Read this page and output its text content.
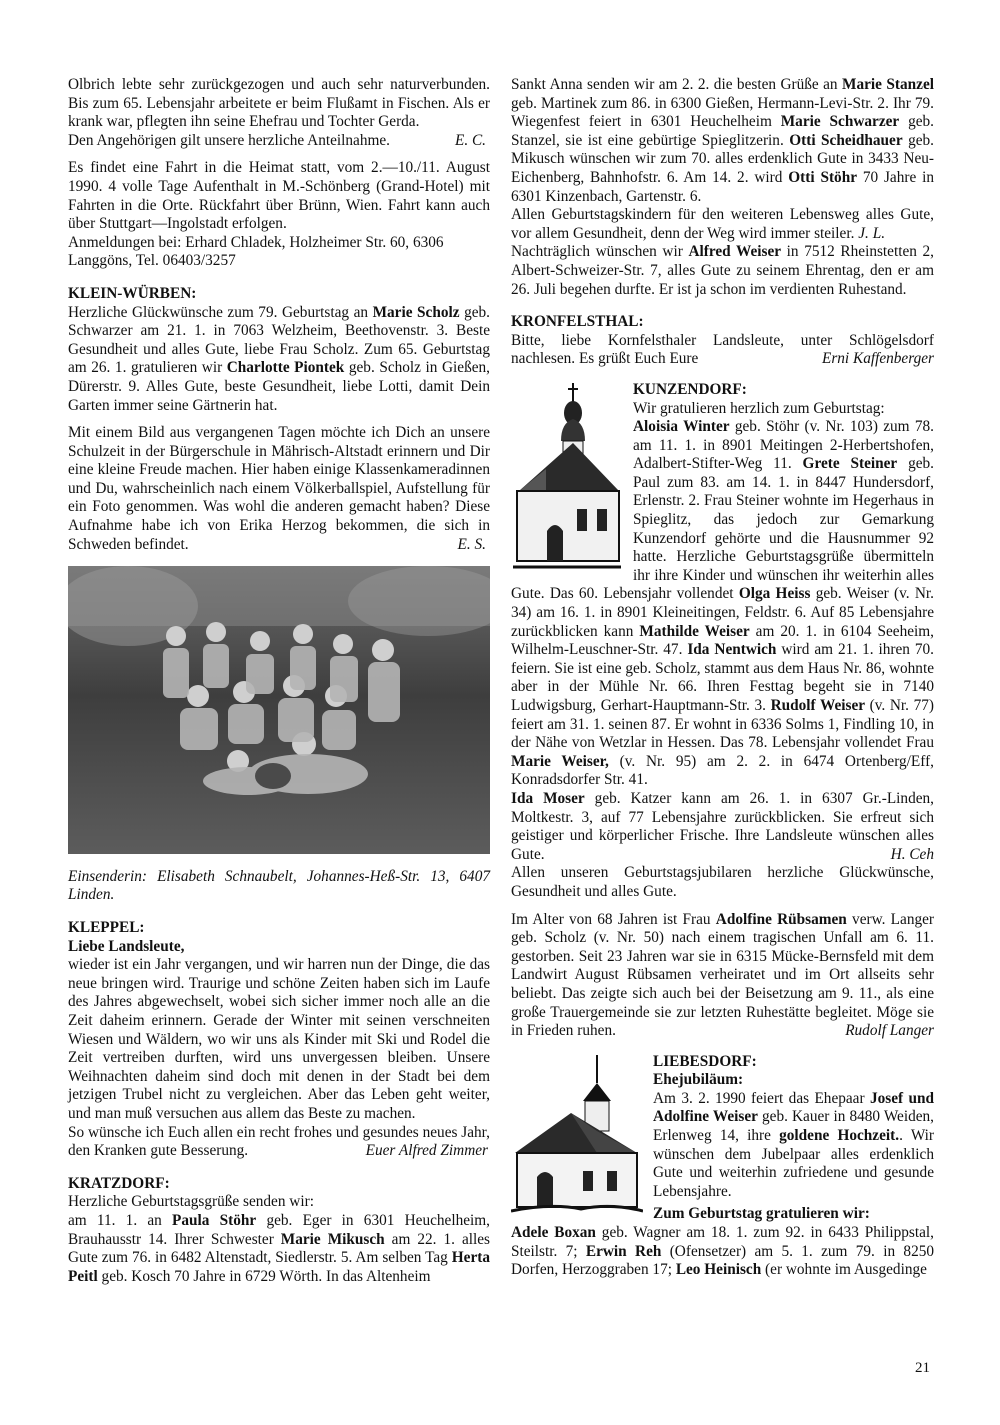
Olbrich lebte sehr zurückgezogen und auch sehr naturverbunden. Bis zum 65. Lebensjahr arbeitete er beim Flußamt in Fischen. Als er krank war, pflegten ihn seine Ehefrau und Tochter Gerda.

Den Angehörigen gilt unsere herzliche Anteilnahme.	E. C.

Es findet eine Fahrt in die Heimat statt, vom 2.—10./11. August 1990. 4 volle Tage Aufenthalt in M.-Schönberg (Grand-Hotel) mit Fahrten in die Orte. Rückfahrt über Brünn, Wien. Fahrt kann auch über Stuttgart—Ingolstadt erfolgen.

Anmeldungen bei: Erhard Chladek, Holzheimer Str. 60, 6306 Langgöns, Tel. 06403/3257

KLEIN-WÜRBEN:

Herzliche Glückwünsche zum 79. Geburtstag an Marie Scholz geb. Schwarzer am 21. 1. in 7063 Welzheim, Beethovenstr. 3. Beste Gesundheit und alles Gute, liebe Frau Scholz. Zum 65. Geburtstag am 26. 1. gratulieren wir Charlotte Piontek geb. Scholz in Gießen, Dürerstr. 9. Alles Gute, beste Gesundheit, liebe Lotti, damit Dein Garten immer seine Gärtnerin hat.

Mit einem Bild aus vergangenen Tagen möchte ich Dich an unsere Schulzeit in der Bürgerschule in Mährisch-Altstadt erinnern und Dir eine kleine Freude machen. Hier haben einige Klassenkameradinnen und Du, wahrscheinlich nach einem Völkerballspiel, Aufstellung für ein Foto genommen. Was wohl die anderen gemacht haben? Diese Aufnahme habe ich von Erika Herzog bekommen, die sich in Schweden befindet.	E. S.

Einsenderin: Elisabeth Schnaubelt, Johannes-Heß-Str. 13, 6407 Linden.

KLEPPEL:

Liebe Landsleute,

wieder ist ein Jahr vergangen, und wir harren nun der Dinge, die das neue bringen wird. Traurige und schöne Zeiten haben sich im Laufe des Jahres abgewechselt, wobei sich sicher immer noch alle an die Zeit daheim erinnern. Gerade der Winter mit seinen verschneiten Wiesen und Wäldern, wo wir uns als Kinder mit Ski und Rodel die Zeit vertreiben durften, wird uns unvergessen bleiben. Unsere Weihnachten daheim sind doch mit denen in der Stadt bei dem jetzigen Trubel nicht zu vergleichen. Aber das Leben geht weiter, und man muß versuchen aus allem das Beste zu machen.

So wünsche ich Euch allen ein recht frohes und gesundes neues Jahr, den Kranken gute Besserung.	Euer Alfred Zimmer

KRATZDORF:

Herzliche Geburtstagsgrüße senden wir:

am 11. 1. an Paula Stöhr geb. Eger in 6301 Heuchelheim, Brauhausstr 14. Ihrer Schwester Marie Mikusch am 22. 1. alles Gute zum 76. in 6482 Altenstadt, Siedlerstr. 5. Am selben Tag Herta Peitl geb. Kosch 70 Jahre in 6729 Wörth. In das Altenheim

Sankt Anna senden wir am 2. 2. die besten Grüße an Marie Stanzel geb. Martinek zum 86. in 6300 Gießen, Hermann-Levi-Str. 2. Ihr 79. Wiegenfest feiert in 6301 Heuchelheim Marie Schwarzer geb. Stanzel, sie ist eine gebürtige Spieglitzerin. Otti Scheidhauer geb. Mikusch wünschen wir zum 70. alles erdenklich Gute in 3433 Neu-Eichenberg, Bahnhofstr. 6. Am 14. 2. wird Otti Stöhr 70 Jahre in 6301 Kinzenbach, Gartenstr. 6.

Allen Geburtstagskindern für den weiteren Lebensweg alles Gute, vor allem Gesundheit, denn der Weg wird immer steiler. J. L.

Nachträglich wünschen wir Alfred Weiser in 7512 Rheinstetten 2, Albert-Schweizer-Str. 7, alles Gute zu seinem Ehrentag, den er am 26. Juli begehen durfte. Er ist ja schon im verdienten Ruhestand.

KRONFELSTHAL:

Bitte, liebe Kornfelsthaler Landsleute, unter Schlögelsdorf nachlesen. Es grüßt Euch Eure	Erni Kaffenberger

KUNZENDORF:

Wir gratulieren herzlich zum Geburtstag:

Aloisia Winter geb. Stöhr (v. Nr. 103) zum 78. am 11. 1. in 8901 Meitingen 2-Herbertshofen, Adalbert-Stifter-Weg 11. Grete Steiner geb. Paul zum 83. am 14. 1. in 8447 Hundersdorf, Erlenstr. 2. Frau Steiner wohnte im Hegerhaus in Spieglitz, das jedoch zur Gemarkung Kunzendorf gehörte und die Hausnummer 92 hatte. Herzliche Geburtstagsgrüße übermitteln ihr ihre Kinder und wünschen ihr weiterhin alles Gute. Das 60. Lebensjahr vollendet Olga Heiss geb. Weiser (v. Nr. 34) am 16. 1. in 8901 Kleineitingen, Feldstr. 6. Auf 85 Lebensjahre zurückblicken kann Mathilde Weiser am 20. 1. in 6104 Seeheim, Wilhelm-Leuschner-Str. 47. Ida Nentwich wird am 21. 1. ihren 70. feiern. Sie ist eine geb. Scholz, stammt aus dem Haus Nr. 86, wohnte aber in der Mühle Nr. 66. Ihren Festtag begeht sie in 7140 Ludwigsburg, Gerhart-Hauptmann-Str. 3. Rudolf Weiser (v. Nr. 77) feiert am 31. 1. seinen 87. Er wohnt in 6336 Solms 1, Findling 10, in der Nähe von Wetzlar in Hessen. Das 78. Lebensjahr vollendet Frau Marie Weiser, (v. Nr. 95) am 2. 2. in 6474 Ortenberg/Eff, Konradsdorfer Str. 41.

Ida Moser geb. Katzer kann am 26. 1. in 6307 Gr.-Linden, Moltkestr. 3, auf 77 Lebensjahre zurückblicken. Sie erfreut sich geistiger und körperlicher Frische. Ihre Landsleute wünschen alles Gute.	H. Ceh

Allen unseren Geburtstagsjubilaren herzliche Glückwünsche, Gesundheit und alles Gute.

Im Alter von 68 Jahren ist Frau Adolfine Rübsamen verw. Langer geb. Scholz (v. Nr. 50) nach einem tragischen Unfall am 6. 11. gestorben. Seit 23 Jahren war sie in 6315 Mücke-Bernsfeld mit dem Landwirt August Rübsamen verheiratet und im Ort allseits sehr beliebt. Das zeigte sich auch bei der Beisetzung am 9. 11., als eine große Trauergemeinde sie zur letzten Ruhestätte begleitet. Möge sie in Frieden ruhen.	Rudolf Langer

LIEBESDORF:

Ehejubiläum:

Am 3. 2. 1990 feiert das Ehepaar Josef und Adolfine Weiser geb. Kauer in 8480 Weiden, Erlenweg 14, ihre goldene Hochzeit.. Wir wünschen dem Jubelpaar alles erdenklich Gute und weiterhin zufriedene und gesunde Lebensjahre.

Zum Geburtstag gratulieren wir:

Adele Boxan geb. Wagner am 18. 1. zum 92. in 6433 Philippstal, Steilstr. 7; Erwin Reh (Ofensetzer) am 5. 1. zum 79. in 8250 Dorfen, Herzoggraben 17; Leo Heinisch (er wohnte im Ausgedinge

21
